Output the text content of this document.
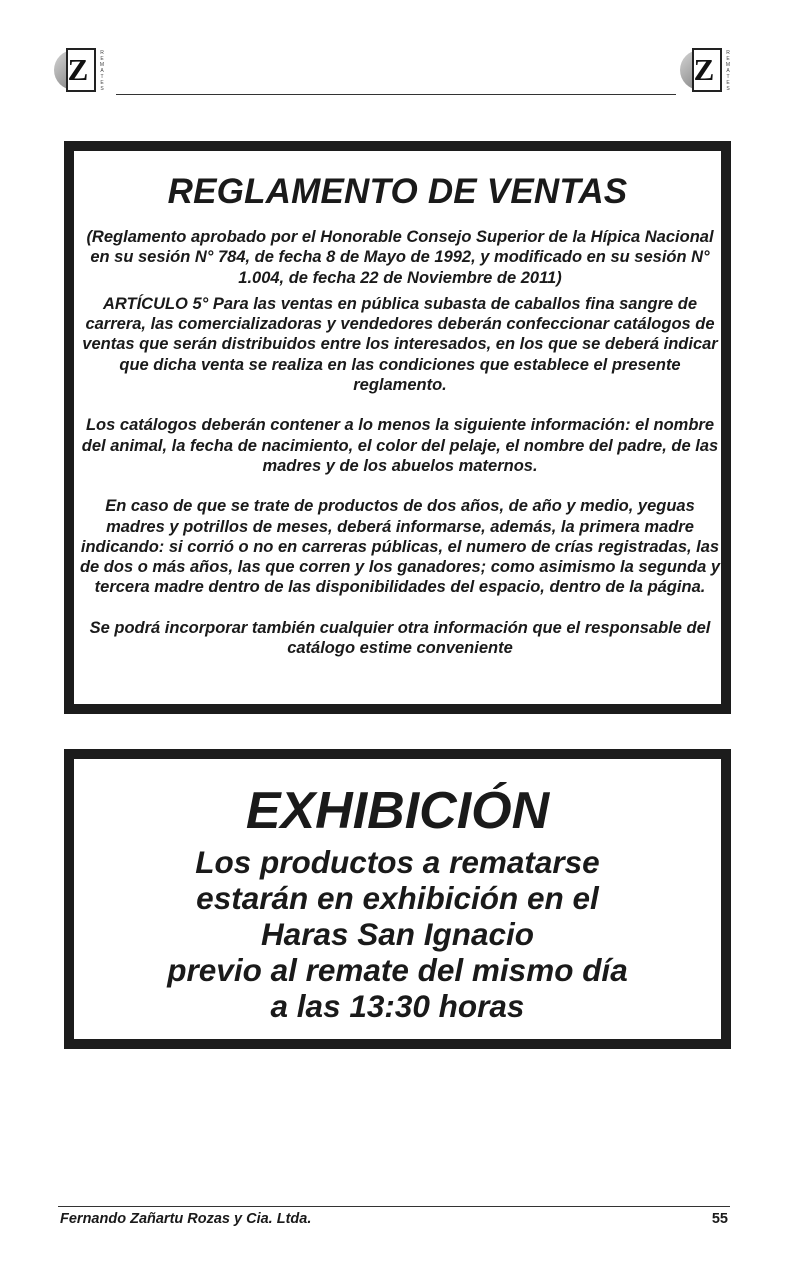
Z	REMATES
Z	REMATES
REGLAMENTO DE VENTAS

(Reglamento aprobado por el Honorable Consejo Superior de la Hípica Nacional en su sesión N° 784, de fecha 8 de Mayo de 1992, y modificado en su sesión N° 1.004, de fecha 22 de Noviembre de 2011)

ARTÍCULO 5° Para las ventas en pública subasta de caballos fina sangre de carrera, las comercializadoras y vendedores deberán confeccionar catálogos de ventas que serán distribuidos entre los interesados, en los que se deberá indicar que dicha venta se realiza en las condiciones que establece el presente reglamento.

Los catálogos deberán contener a lo menos la siguiente información: el nombre del animal, la fecha de nacimiento, el color del pelaje, el nombre del padre, de las madres y de los abuelos maternos.

En caso de que se trate de productos de dos años, de año y medio, yeguas madres y potrillos de meses, deberá informarse, además, la primera madre indicando: si corrió o no en carreras públicas, el numero de crías registradas, las de dos o más años, las que corren y los ganadores; como asimismo la segunda y tercera madre dentro de las disponibilidades del espacio, dentro de la página.

Se podrá incorporar también cualquier otra información que el responsable del catálogo estime conveniente

EXHIBICIÓN
Los productos a rematarse
estarán en exhibición en el
Haras San Ignacio
previo al remate del mismo día
a las 13:30 horas
Fernando Zañartu Rozas y Cia. Ltda.	55
